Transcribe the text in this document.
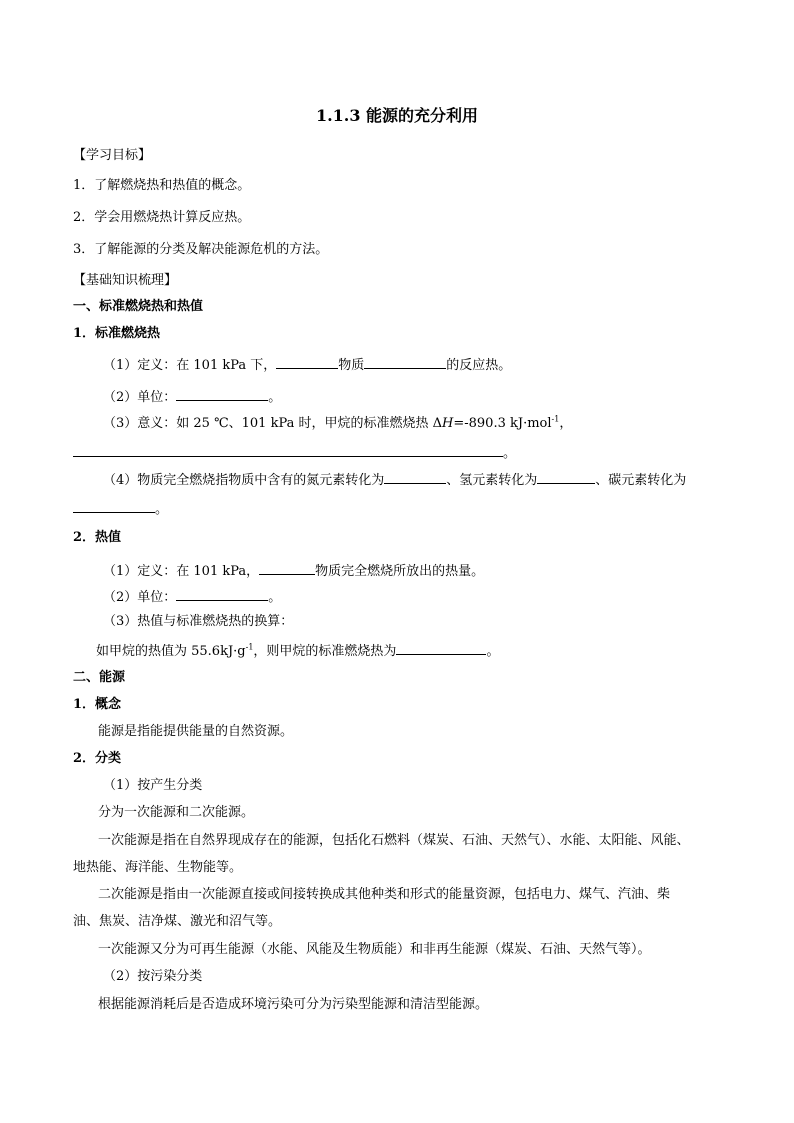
1.1.3 能源的充分利用
【学习目标】
1．了解燃烧热和热值的概念。
2．学会用燃烧热计算反应热。
3．了解能源的分类及解决能源危机的方法。
【基础知识梳理】
一、标准燃烧热和热值
1．标准燃烧热
（1）定义：在 101 kPa 下，	物质	的反应热。
（2）单位：	。
（3）意义：如 25 ℃、101 kPa 时，甲烷的标准燃烧热 ΔH=-890.3 kJ·mol$^{-1}$，
。
（4）物质完全燃烧指物质中含有的氮元素转化为	、氢元素转化为	、碳元素转化为
。
2．热值
（1）定义：在 101 kPa，	物质完全燃烧所放出的热量。
（2）单位：	。
（3）热值与标准燃烧热的换算：
如甲烷的热值为 $55.6kJ\cdot g^{-1}$，则甲烷的标准燃烧热为	。
二、能源
1．概念
能源是指能提供能量的自然资源。
2．分类
（1）按产生分类
分为一次能源和二次能源。
一次能源是指在自然界现成存在的能源，包括化石燃料（煤炭、石油、天然气）、水能、太阳能、风能、
地热能、海洋能、生物能等。
二次能源是指由一次能源直接或间接转换成其他种类和形式的能量资源，包括电力、煤气、汽油、柴
油、焦炭、洁净煤、激光和沼气等。
一次能源又分为可再生能源（水能、风能及生物质能）和非再生能源（煤炭、石油、天然气等）。
（2）按污染分类
根据能源消耗后是否造成环境污染可分为污染型能源和清洁型能源。
